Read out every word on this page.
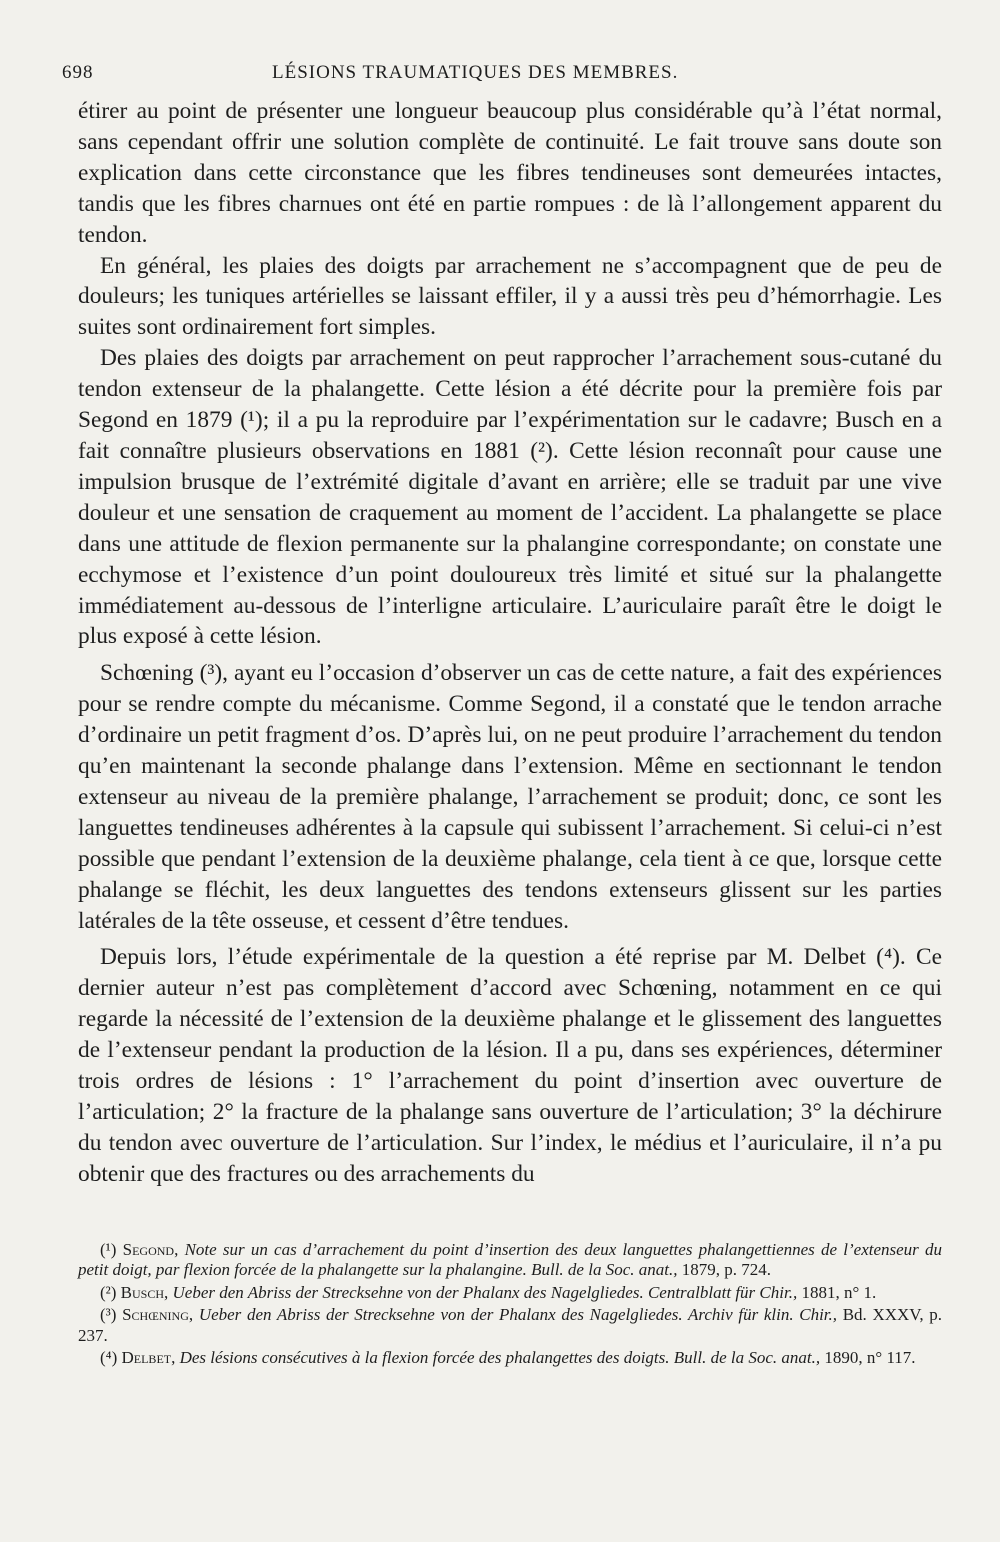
698	LÉSIONS TRAUMATIQUES DES MEMBRES.

étirer au point de présenter une longueur beaucoup plus considérable qu’à l’état normal, sans cependant offrir une solution complète de continuité. Le fait trouve sans doute son explication dans cette circonstance que les fibres tendineuses sont demeurées intactes, tandis que les fibres charnues ont été en partie rompues : de là l’allongement apparent du tendon.

En général, les plaies des doigts par arrachement ne s’accompagnent que de peu de douleurs; les tuniques artérielles se laissant effiler, il y a aussi très peu d’hémorrhagie. Les suites sont ordinairement fort simples.

Des plaies des doigts par arrachement on peut rapprocher l’arrachement sous-cutané du tendon extenseur de la phalangette. Cette lésion a été décrite pour la première fois par Segond en 1879 (¹); il a pu la reproduire par l’expérimentation sur le cadavre; Busch en a fait connaître plusieurs observations en 1881 (²). Cette lésion reconnaît pour cause une impulsion brusque de l’extrémité digitale d’avant en arrière; elle se traduit par une vive douleur et une sensation de craquement au moment de l’accident. La phalangette se place dans une attitude de flexion permanente sur la phalangine correspondante; on constate une ecchymose et l’existence d’un point douloureux très limité et situé sur la phalangette immédiatement au-dessous de l’interligne articulaire. L’auriculaire paraît être le doigt le plus exposé à cette lésion.

Schœning (³), ayant eu l’occasion d’observer un cas de cette nature, a fait des expériences pour se rendre compte du mécanisme. Comme Segond, il a constaté que le tendon arrache d’ordinaire un petit fragment d’os. D’après lui, on ne peut produire l’arrachement du tendon qu’en maintenant la seconde phalange dans l’extension. Même en sectionnant le tendon extenseur au niveau de la première phalange, l’arrachement se produit; donc, ce sont les languettes tendineuses adhérentes à la capsule qui subissent l’arrachement. Si celui-ci n’est possible que pendant l’extension de la deuxième phalange, cela tient à ce que, lorsque cette phalange se fléchit, les deux languettes des tendons extenseurs glissent sur les parties latérales de la tête osseuse, et cessent d’être tendues.

Depuis lors, l’étude expérimentale de la question a été reprise par M. Delbet (⁴). Ce dernier auteur n’est pas complètement d’accord avec Schœning, notamment en ce qui regarde la nécessité de l’extension de la deuxième phalange et le glissement des languettes de l’extenseur pendant la production de la lésion. Il a pu, dans ses expériences, déterminer trois ordres de lésions : 1° l’arrachement du point d’insertion avec ouverture de l’articulation; 2° la fracture de la phalange sans ouverture de l’articulation; 3° la déchirure du tendon avec ouverture de l’articulation. Sur l’index, le médius et l’auriculaire, il n’a pu obtenir que des fractures ou des arrachements du

(¹) Segond, Note sur un cas d’arrachement du point d’insertion des deux languettes phalangettiennes de l’extenseur du petit doigt, par flexion forcée de la phalangette sur la phalangine. Bull. de la Soc. anat., 1879, p. 724.

(²) Busch, Ueber den Abriss der Strecksehne von der Phalanx des Nagelgliedes. Centralblatt für Chir., 1881, n° 1.

(³) Schœning, Ueber den Abriss der Strecksehne von der Phalanx des Nagelgliedes. Archiv für klin. Chir., Bd. XXXV, p. 237.

(⁴) Delbet, Des lésions consécutives à la flexion forcée des phalangettes des doigts. Bull. de la Soc. anat., 1890, n° 117.
